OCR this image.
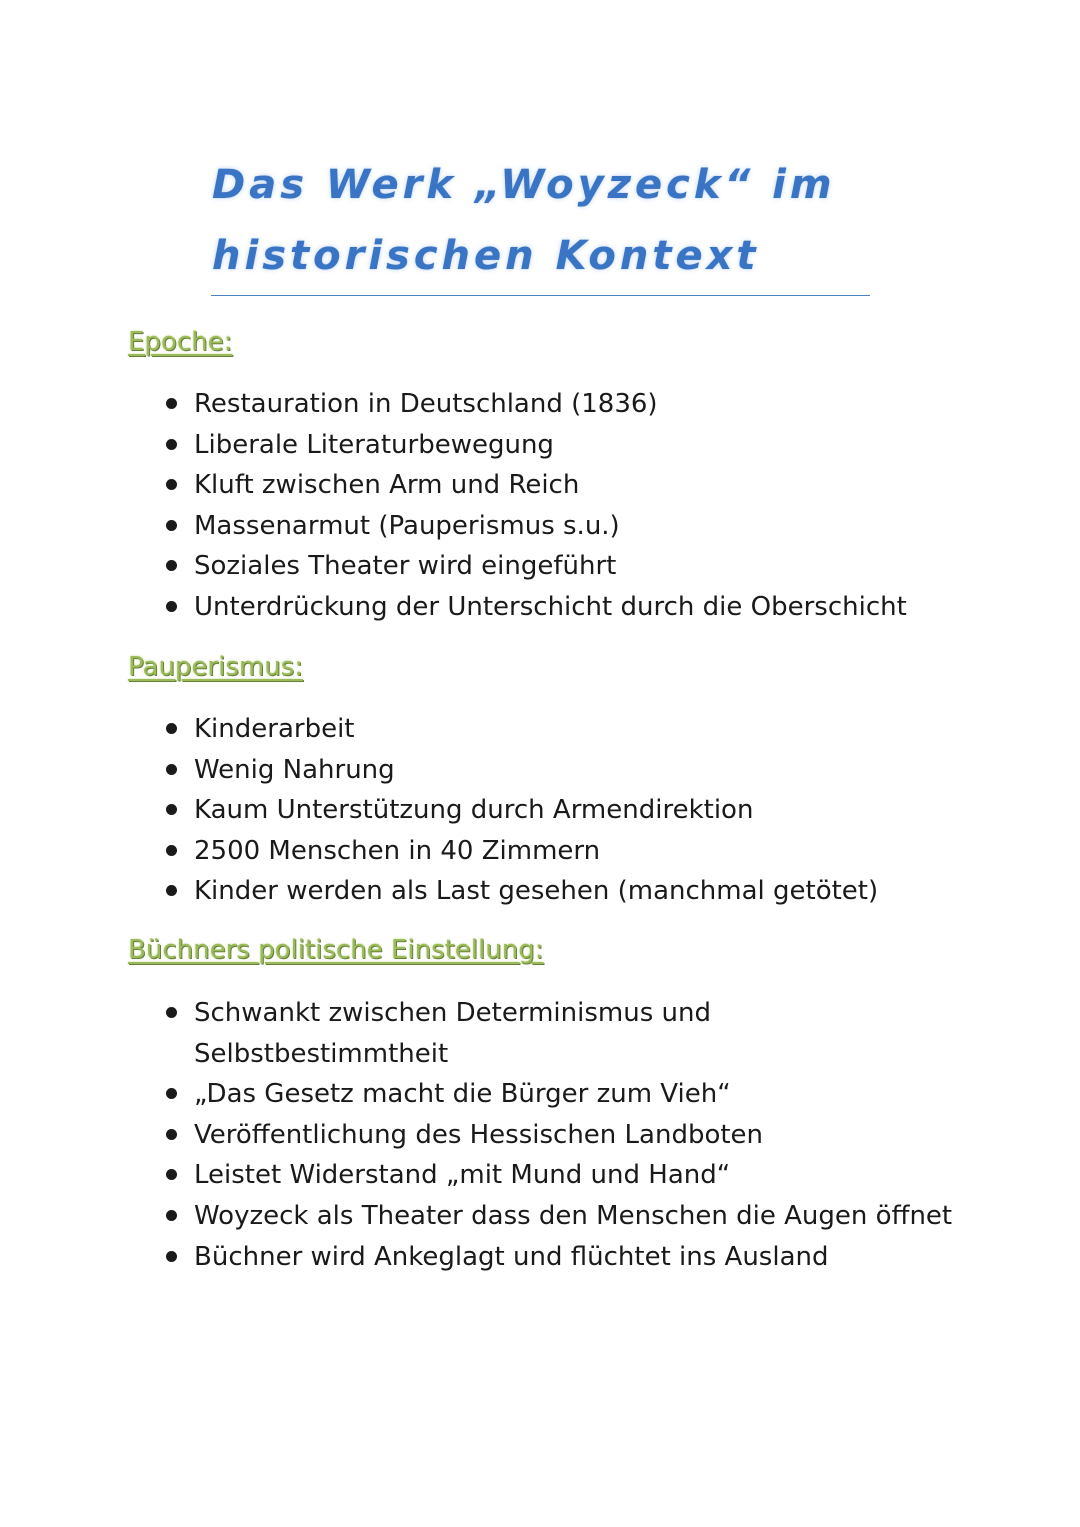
Das Werk „Woyzeck“ im
historischen Kontext
Epoche:
Restauration in Deutschland (1836)
Liberale Literaturbewegung
Kluft zwischen Arm und Reich
Massenarmut (Pauperismus s.u.)
Soziales Theater wird eingeführt
Unterdrückung der Unterschicht durch die Oberschicht
Pauperismus:
Kinderarbeit
Wenig Nahrung
Kaum Unterstützung durch Armendirektion
2500 Menschen in 40 Zimmern
Kinder werden als Last gesehen (manchmal getötet)
Büchners politische Einstellung:
Schwankt zwischen Determinismus und
Selbstbestimmtheit
„Das Gesetz macht die Bürger zum Vieh“
Veröffentlichung des Hessischen Landboten
Leistet Widerstand „mit Mund und Hand“
Woyzeck als Theater dass den Menschen die Augen öffnet
Büchner wird Ankeglagt und flüchtet ins Ausland
